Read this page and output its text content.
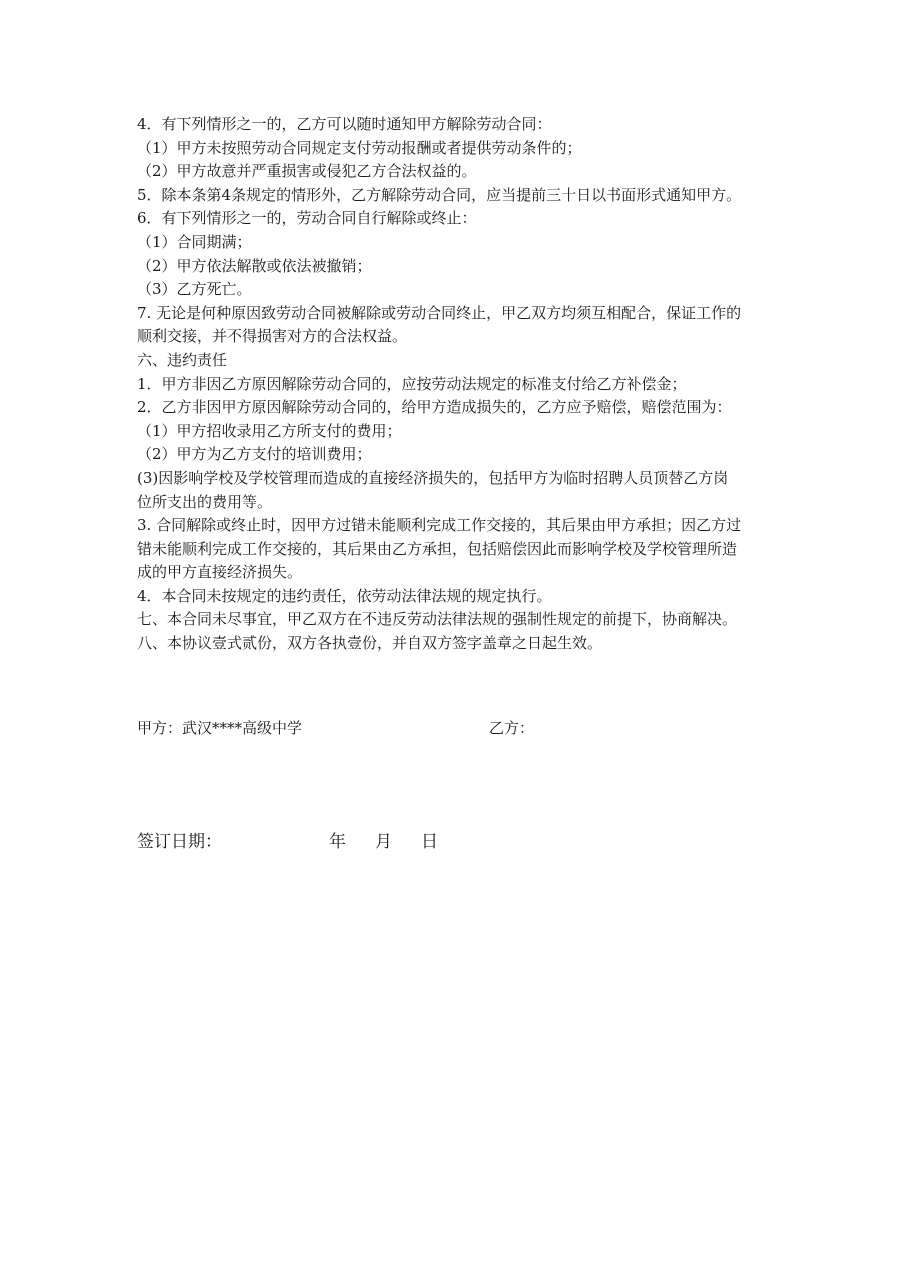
4．有下列情形之一的，乙方可以随时通知甲方解除劳动合同：
（1）甲方未按照劳动合同规定支付劳动报酬或者提供劳动条件的；
（2）甲方故意并严重损害或侵犯乙方合法权益的。
5．除本条第4条规定的情形外，乙方解除劳动合同，应当提前三十日以书面形式通知甲方。
6．有下列情形之一的，劳动合同自行解除或终止：
（1）合同期满；
（2）甲方依法解散或依法被撤销；
（3）乙方死亡。
7. 无论是何种原因致劳动合同被解除或劳动合同终止，甲乙双方均须互相配合，保证工作的
顺利交接，并不得损害对方的合法权益。
六、违约责任
1．甲方非因乙方原因解除劳动合同的，应按劳动法规定的标准支付给乙方补偿金；
2．乙方非因甲方原因解除劳动合同的，给甲方造成损失的，乙方应予赔偿，赔偿范围为：
（1）甲方招收录用乙方所支付的费用；
（2）甲方为乙方支付的培训费用；
(3)因影响学校及学校管理而造成的直接经济损失的，包括甲方为临时招聘人员顶替乙方岗
位所支出的费用等。
3. 合同解除或终止时，因甲方过错未能顺利完成工作交接的，其后果由甲方承担；因乙方过
错未能顺利完成工作交接的，其后果由乙方承担，包括赔偿因此而影响学校及学校管理所造
成的甲方直接经济损失。
4．本合同未按规定的违约责任，依劳动法律法规的规定执行。
七、本合同未尽事宜，甲乙双方在不违反劳动法律法规的强制性规定的前提下，协商解决。
八、本协议壹式贰份，双方各执壹份，并自双方签字盖章之日起生效。
甲方：武汉****高级中学	乙方：
签订日期：	年 月 日
